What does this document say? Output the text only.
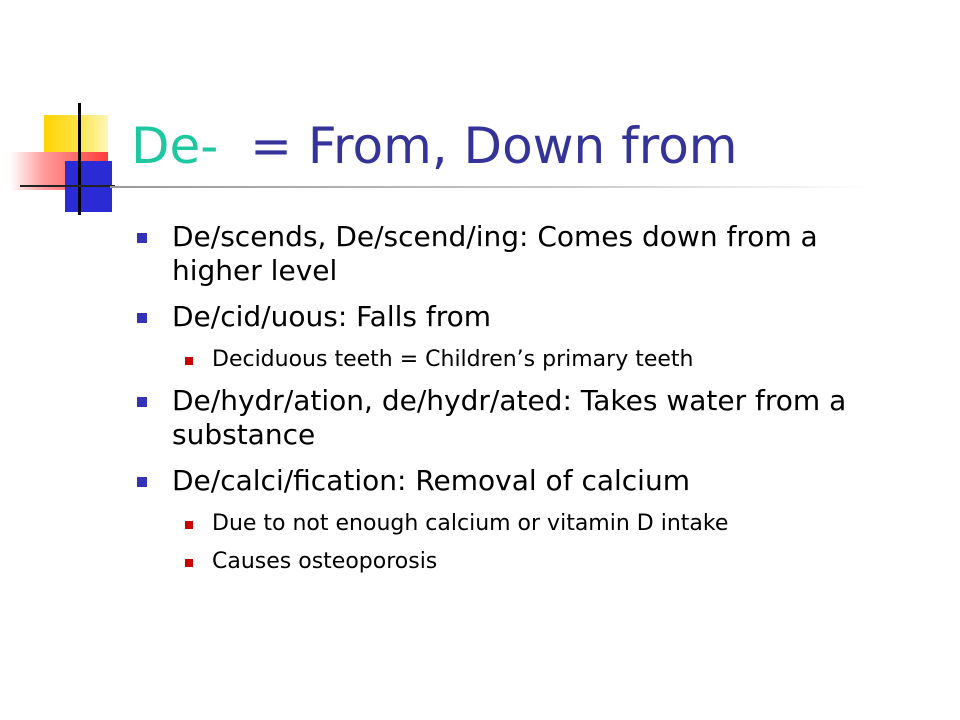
De- = From, Down from
De/scends, De/scend/ing: Comes down from a higher level
De/cid/uous: Falls from
Deciduous teeth = Children’s primary teeth
De/hydr/ation, de/hydr/ated: Takes water from a substance
De/calci/fication: Removal of calcium
Due to not enough calcium or vitamin D intake
Causes osteoporosis
